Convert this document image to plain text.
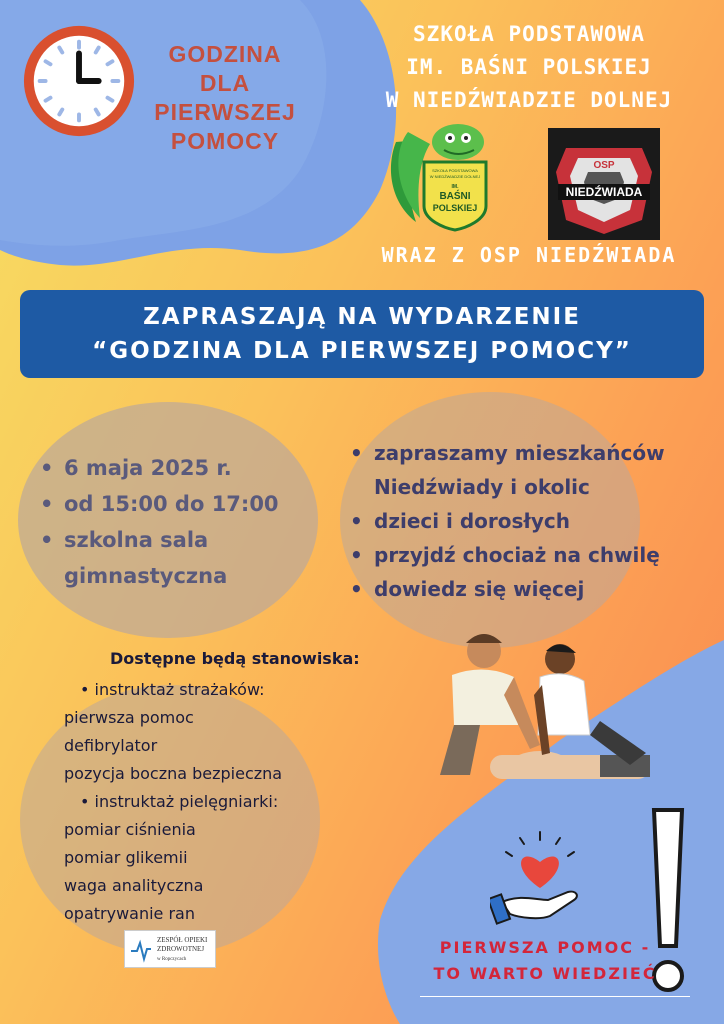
GODZINA
DLA
PIERWSZEJ
POMOCY
SZKOŁA PODSTAWOWA
IM. BAŚNI POLSKIEJ
W NIEDŹWIADZIE DOLNEJ
SZKOŁA PODSTAWOWA
W NIEDŹWIADZIE DOLNEJ
IM.
BAŚNI
POLSKIEJ
OSP
NIEDŹWIADA
WRAZ Z OSP NIEDŹWIADA
ZAPRASZAJĄ NA WYDARZENIE
“GODZINA DLA PIERWSZEJ POMOCY”
• 6 maja 2025 r.
• od 15:00 do 17:00
• szkolna sala gimnastyczna
• zapraszamy mieszkańców Niedźwiady i okolic
• dzieci i dorosłych
• przyjdź chociaż na chwilę
• dowiedz się więcej
Dostępne będą stanowiska:
• instruktaż strażaków:
pierwsza pomoc
defibrylator
pozycja boczna bezpieczna
• instruktaż pielęgniarki:
pomiar ciśnienia
pomiar glikemii
waga analityczna
opatrywanie ran
ZESPÓŁ OPIEKI
ZDROWOTNEJ
w Ropczycach
PIERWSZA POMOC -
TO WARTO WIEDZIEĆ
